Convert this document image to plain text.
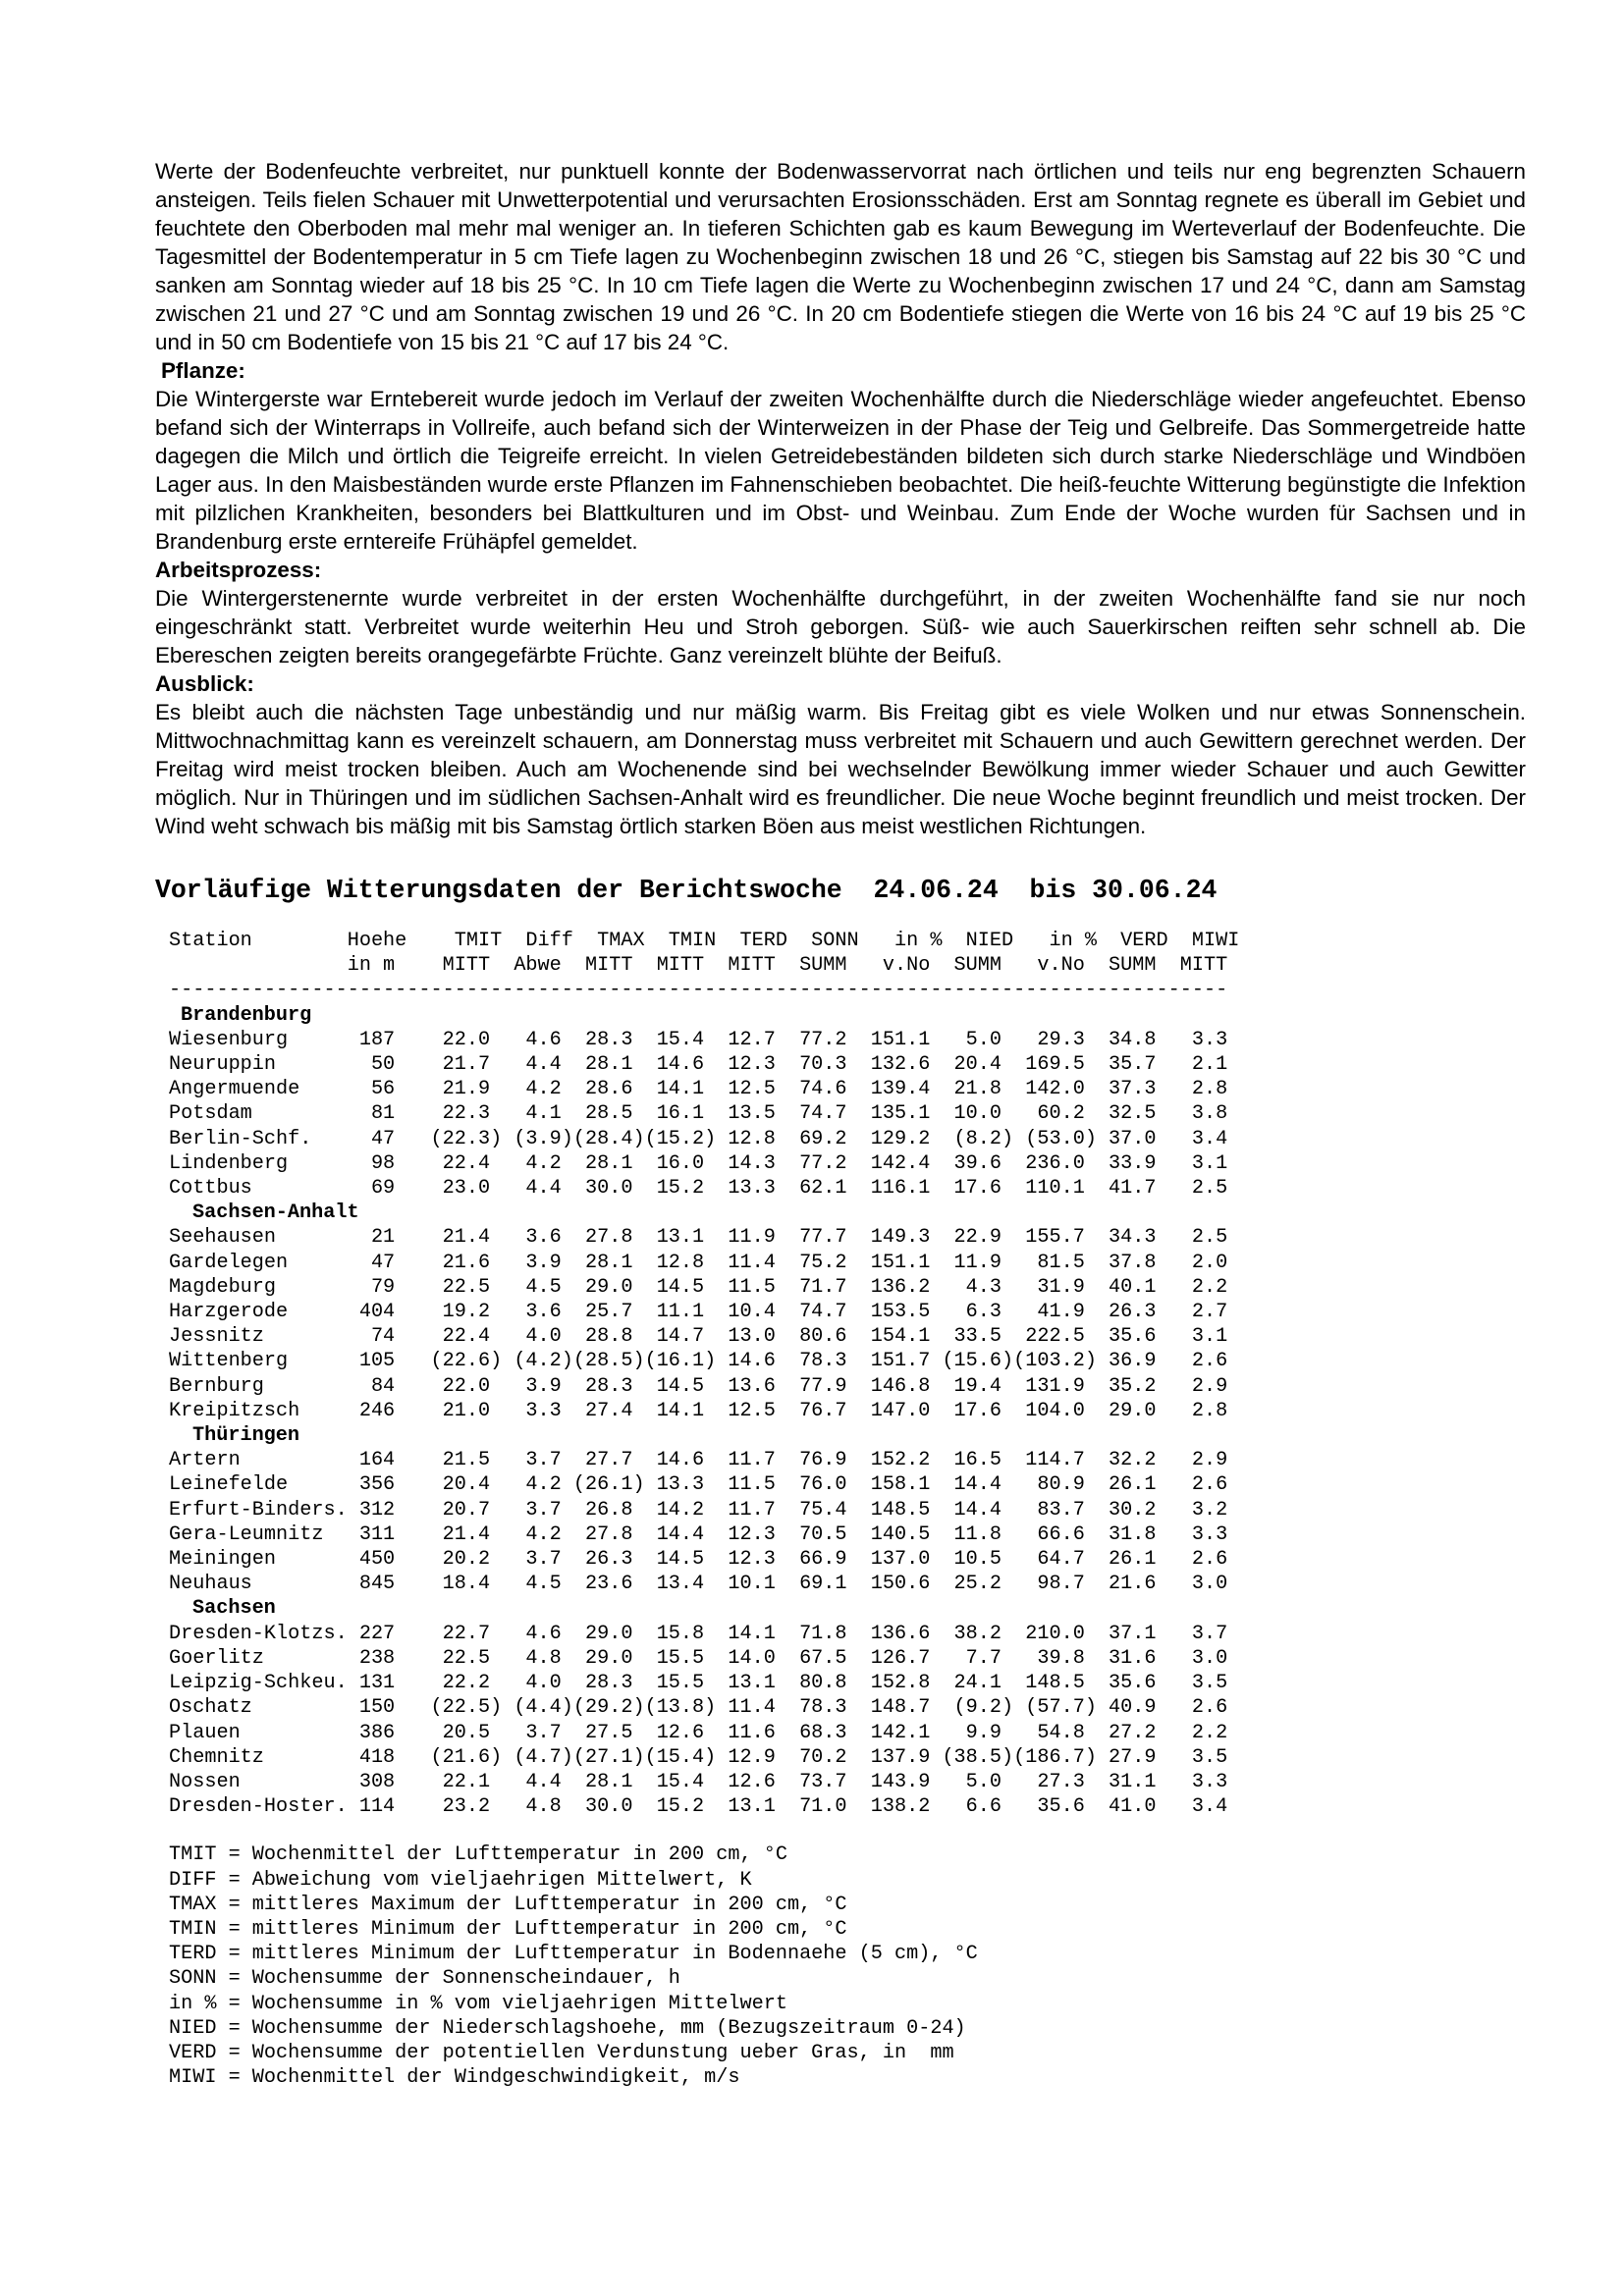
Werte der Bodenfeuchte verbreitet, nur punktuell konnte der Bodenwasservorrat nach örtlichen und teils nur eng begrenzten Schauern ansteigen. Teils fielen Schauer mit Unwetterpotential und verursachten Erosionsschäden. Erst am Sonntag regnete es überall im Gebiet und feuchtete den Oberboden mal mehr mal weniger an. In tieferen Schichten gab es kaum Bewegung im Werteverlauf der Bodenfeuchte. Die Tagesmittel der Bodentemperatur in 5 cm Tiefe lagen zu Wochenbeginn zwischen 18 und 26 °C, stiegen bis Samstag auf 22 bis 30 °C und sanken am Sonntag wieder auf 18 bis 25 °C. In 10 cm Tiefe lagen die Werte zu Wochenbeginn zwischen 17 und 24 °C, dann am Samstag zwischen 21 und 27 °C und am Sonntag zwischen 19 und 26 °C. In 20 cm Bodentiefe stiegen die Werte von 16 bis 24 °C auf 19 bis 25 °C und in 50 cm Bodentiefe von 15 bis 21 °C auf 17 bis 24 °C.

Pflanze:

Die Wintergerste war Erntebereit wurde jedoch im Verlauf der zweiten Wochenhälfte durch die Niederschläge wieder angefeuchtet. Ebenso befand sich der Winterraps in Vollreife, auch befand sich der Winterweizen in der Phase der Teig und Gelbreife. Das Sommergetreide hatte dagegen die Milch und örtlich die Teigreife erreicht. In vielen Getreidebeständen bildeten sich durch starke Niederschläge und Windböen Lager aus. In den Maisbeständen wurde erste Pflanzen im Fahnenschieben beobachtet. Die heiß-feuchte Witterung begünstigte die Infektion mit pilzlichen Krankheiten, besonders bei Blattkulturen und im Obst- und Weinbau. Zum Ende der Woche wurden für Sachsen und in Brandenburg erste erntereife Frühäpfel gemeldet.

Arbeitsprozess:

Die Wintergerstenernte wurde verbreitet in der ersten Wochenhälfte durchgeführt, in der zweiten Wochenhälfte fand sie nur noch eingeschränkt statt. Verbreitet wurde weiterhin Heu und Stroh geborgen. Süß- wie auch Sauerkirschen reiften sehr schnell ab. Die Ebereschen zeigten bereits orangegefärbte Früchte. Ganz vereinzelt blühte der Beifuß.

Ausblick:

Es bleibt auch die nächsten Tage unbeständig und nur mäßig warm. Bis Freitag gibt es viele Wolken und nur etwas Sonnenschein. Mittwochnachmittag kann es vereinzelt schauern, am Donnerstag muss verbreitet mit Schauern und auch Gewittern gerechnet werden. Der Freitag wird meist trocken bleiben. Auch am Wochenende sind bei wechselnder Bewölkung immer wieder Schauer und auch Gewitter möglich. Nur in Thüringen und im südlichen Sachsen-Anhalt wird es freundlicher. Die neue Woche beginnt freundlich und meist trocken. Der Wind weht schwach bis mäßig mit bis Samstag örtlich starken Böen aus meist westlichen Richtungen.

Vorläufige Witterungsdaten der Berichtswoche  24.06.24  bis 30.06.24
Station        Hoehe    TMIT  Diff  TMAX  TMIN  TERD  SONN   in %  NIED   in %  VERD  MIWI
in m    MITT  Abwe  MITT  MITT  MITT  SUMM   v.No  SUMM   v.No  SUMM  MITT
-----------------------------------------------------------------------------------------
Brandenburg
Wiesenburg      187    22.0   4.6  28.3  15.4  12.7  77.2  151.1   5.0   29.3  34.8   3.3
Neuruppin        50    21.7   4.4  28.1  14.6  12.3  70.3  132.6  20.4  169.5  35.7   2.1
Angermuende      56    21.9   4.2  28.6  14.1  12.5  74.6  139.4  21.8  142.0  37.3   2.8
Potsdam          81    22.3   4.1  28.5  16.1  13.5  74.7  135.1  10.0   60.2  32.5   3.8
Berlin-Schf.     47   (22.3) (3.9)(28.4)(15.2) 12.8  69.2  129.2  (8.2) (53.0) 37.0   3.4
Lindenberg       98    22.4   4.2  28.1  16.0  14.3  77.2  142.4  39.6  236.0  33.9   3.1
Cottbus          69    23.0   4.4  30.0  15.2  13.3  62.1  116.1  17.6  110.1  41.7   2.5
Sachsen-Anhalt
Seehausen        21    21.4   3.6  27.8  13.1  11.9  77.7  149.3  22.9  155.7  34.3   2.5
Gardelegen       47    21.6   3.9  28.1  12.8  11.4  75.2  151.1  11.9   81.5  37.8   2.0
Magdeburg        79    22.5   4.5  29.0  14.5  11.5  71.7  136.2   4.3   31.9  40.1   2.2
Harzgerode      404    19.2   3.6  25.7  11.1  10.4  74.7  153.5   6.3   41.9  26.3   2.7
Jessnitz         74    22.4   4.0  28.8  14.7  13.0  80.6  154.1  33.5  222.5  35.6   3.1
Wittenberg      105   (22.6) (4.2)(28.5)(16.1) 14.6  78.3  151.7 (15.6)(103.2) 36.9   2.6
Bernburg         84    22.0   3.9  28.3  14.5  13.6  77.9  146.8  19.4  131.9  35.2   2.9
Kreipitzsch     246    21.0   3.3  27.4  14.1  12.5  76.7  147.0  17.6  104.0  29.0   2.8
Thüringen
Artern          164    21.5   3.7  27.7  14.6  11.7  76.9  152.2  16.5  114.7  32.2   2.9
Leinefelde      356    20.4   4.2 (26.1) 13.3  11.5  76.0  158.1  14.4   80.9  26.1   2.6
Erfurt-Binders. 312    20.7   3.7  26.8  14.2  11.7  75.4  148.5  14.4   83.7  30.2   3.2
Gera-Leumnitz   311    21.4   4.2  27.8  14.4  12.3  70.5  140.5  11.8   66.6  31.8   3.3
Meiningen       450    20.2   3.7  26.3  14.5  12.3  66.9  137.0  10.5   64.7  26.1   2.6
Neuhaus         845    18.4   4.5  23.6  13.4  10.1  69.1  150.6  25.2   98.7  21.6   3.0
Sachsen
Dresden-Klotzs. 227    22.7   4.6  29.0  15.8  14.1  71.8  136.6  38.2  210.0  37.1   3.7
Goerlitz        238    22.5   4.8  29.0  15.5  14.0  67.5  126.7   7.7   39.8  31.6   3.0
Leipzig-Schkeu. 131    22.2   4.0  28.3  15.5  13.1  80.8  152.8  24.1  148.5  35.6   3.5
Oschatz         150   (22.5) (4.4)(29.2)(13.8) 11.4  78.3  148.7  (9.2) (57.7) 40.9   2.6
Plauen          386    20.5   3.7  27.5  12.6  11.6  68.3  142.1   9.9   54.8  27.2   2.2
Chemnitz        418   (21.6) (4.7)(27.1)(15.4) 12.9  70.2  137.9 (38.5)(186.7) 27.9   3.5
Nossen          308    22.1   4.4  28.1  15.4  12.6  73.7  143.9   5.0   27.3  31.1   3.3
Dresden-Hoster. 114    23.2   4.8  30.0  15.2  13.1  71.0  138.2   6.6   35.6  41.0   3.4
TMIT = Wochenmittel der Lufttemperatur in 200 cm, °C
DIFF = Abweichung vom vieljaehrigen Mittelwert, K
TMAX = mittleres Maximum der Lufttemperatur in 200 cm, °C
TMIN = mittleres Minimum der Lufttemperatur in 200 cm, °C
TERD = mittleres Minimum der Lufttemperatur in Bodennaehe (5 cm), °C
SONN = Wochensumme der Sonnenscheindauer, h
in % = Wochensumme in % vom vieljaehrigen Mittelwert
NIED = Wochensumme der Niederschlagshoehe, mm (Bezugszeitraum 0-24)
VERD = Wochensumme der potentiellen Verdunstung ueber Gras, in  mm
MIWI = Wochenmittel der Windgeschwindigkeit, m/s
